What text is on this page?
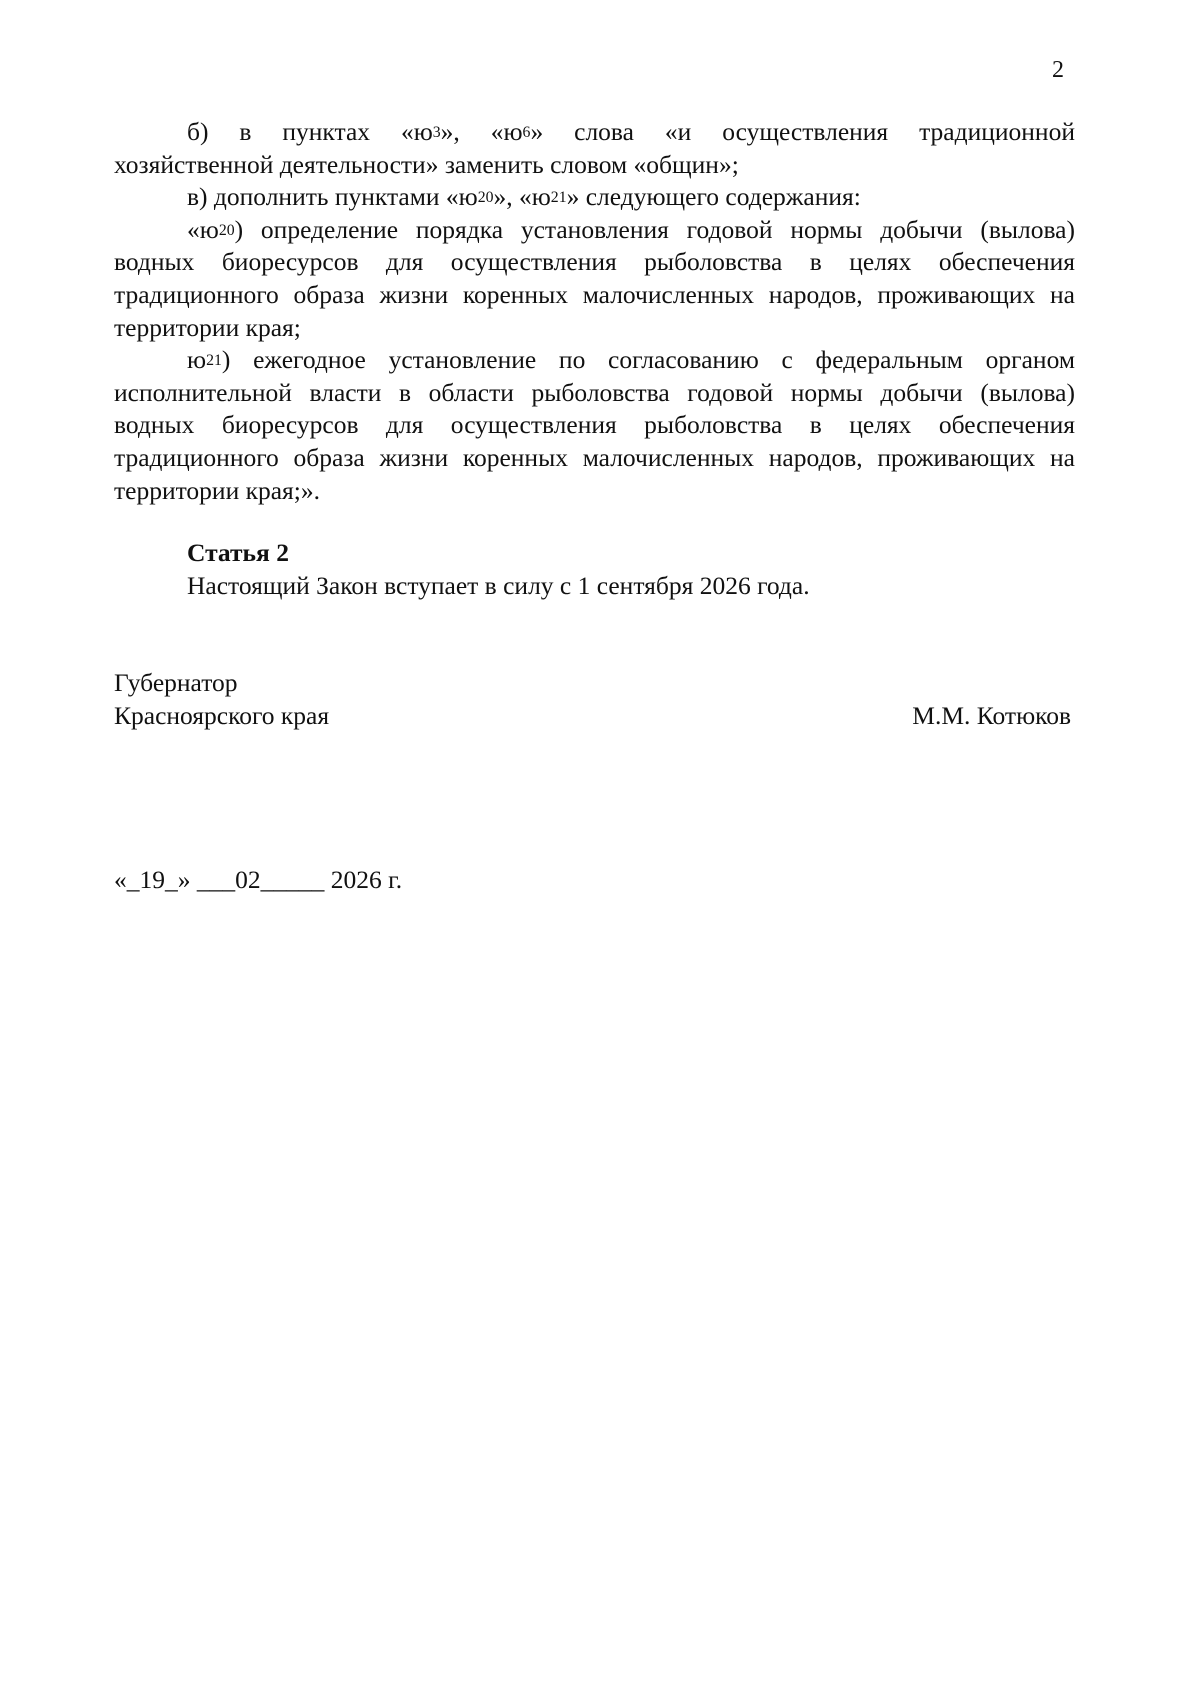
2

б) в пунктах «$ю^3$», «$ю^6$» слова «и осуществления традиционной
хозяйственной деятельности» заменить словом «общин»;

в) дополнить пунктами «$ю^{20}$», «$ю^{21}$» следующего содержания:

«$ю^{20}$) определение порядка установления годовой нормы добычи (вылова)
водных биоресурсов для осуществления рыболовства в целях обеспечения
традиционного образа жизни коренных малочисленных народов, проживающих на
территории края;

$ю^{21}$) ежегодное установление по согласованию с федеральным органом
исполнительной власти в области рыболовства годовой нормы добычи (вылова)
водных биоресурсов для осуществления рыболовства в целях обеспечения
традиционного образа жизни коренных малочисленных народов, проживающих на
территории края;».

Статья 2

Настоящий Закон вступает в силу с 1 сентября 2026 года.

Губернатор

Красноярского края	М.М. Котюков
«_19_» ___02_____ 2026 г.
